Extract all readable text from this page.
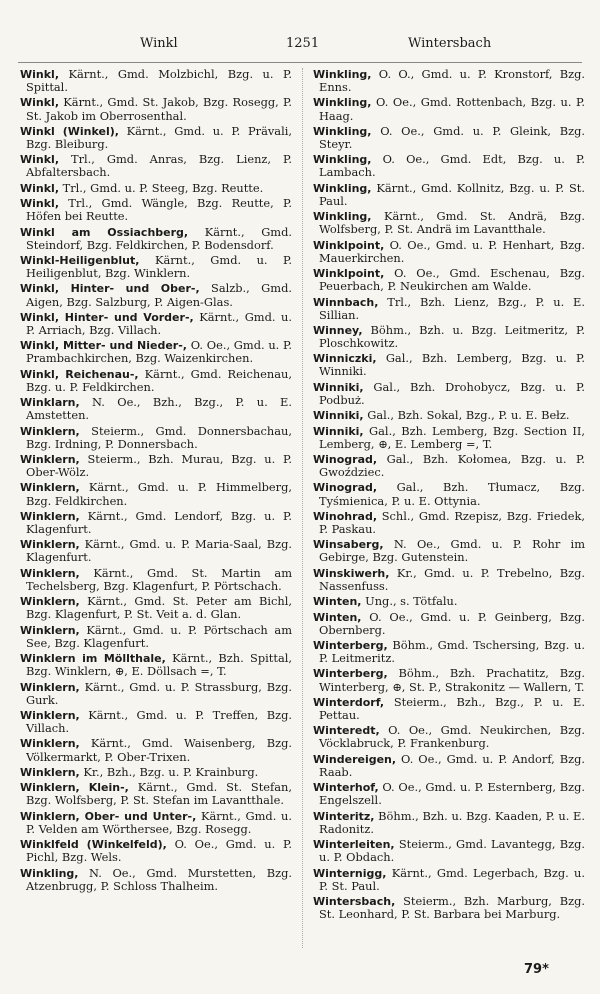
Winkl	1251	Wintersbach
Winkl, Kärnt., Gmd. Molzbichl, Bzg. u. P. Spittal.
Winkl, Kärnt., Gmd. St. Jakob, Bzg. Rosegg, P. St. Jakob im Oberrosenthal.
Winkl (Winkel), Kärnt., Gmd. u. P. Prävali, Bzg. Bleiburg.
Winkl, Trl., Gmd. Anras, Bzg. Lienz, P. Abfaltersbach.
Winkl, Trl., Gmd. u. P. Steeg, Bzg. Reutte.
Winkl, Trl., Gmd. Wängle, Bzg. Reutte, P. Höfen bei Reutte.
Winkl am Ossiachberg, Kärnt., Gmd. Steindorf, Bzg. Feldkirchen, P. Bodensdorf.
Winkl-Heiligenblut, Kärnt., Gmd. u. P. Heiligenblut, Bzg. Winklern.
Winkl, Hinter- und Ober-, Salzb., Gmd. Aigen, Bzg. Salzburg, P. Aigen-Glas.
Winkl, Hinter- und Vorder-, Kärnt., Gmd. u. P. Arriach, Bzg. Villach.
Winkl, Mitter- und Nieder-, O. Oe., Gmd. u. P. Prambachkirchen, Bzg. Waizenkirchen.
Winkl, Reichenau-, Kärnt., Gmd. Reichenau, Bzg. u. P. Feldkirchen.
Winklarn, N. Oe., Bzh., Bzg., P. u. E. Amstetten.
Winklern, Steierm., Gmd. Donnersbachau, Bzg. Irdning, P. Donnersbach.
Winklern, Steierm., Bzh. Murau, Bzg. u. P. Ober-Wölz.
Winklern, Kärnt., Gmd. u. P. Himmelberg, Bzg. Feldkirchen.
Winklern, Kärnt., Gmd. Lendorf, Bzg. u. P. Klagenfurt.
Winklern, Kärnt., Gmd. u. P. Maria-Saal, Bzg. Klagenfurt.
Winklern, Kärnt., Gmd. St. Martin am Techelsberg, Bzg. Klagenfurt, P. Pörtschach.
Winklern, Kärnt., Gmd. St. Peter am Bichl, Bzg. Klagenfurt, P. St. Veit a. d. Glan.
Winklern, Kärnt., Gmd. u. P. Pörtschach am See, Bzg. Klagenfurt.
Winklern im Möllthale, Kärnt., Bzh. Spittal, Bzg. Winklern, ⊕, E. Döllsach =, T.
Winklern, Kärnt., Gmd. u. P. Strassburg, Bzg. Gurk.
Winklern, Kärnt., Gmd. u. P. Treffen, Bzg. Villach.
Winklern, Kärnt., Gmd. Waisenberg, Bzg. Völkermarkt, P. Ober-Trixen.
Winklern, Kr., Bzh., Bzg. u. P. Krainburg.
Winklern, Klein-, Kärnt., Gmd. St. Stefan, Bzg. Wolfsberg, P. St. Stefan im Lavantthale.
Winklern, Ober- und Unter-, Kärnt., Gmd. u. P. Velden am Wörthersee, Bzg. Rosegg.
Winklfeld (Winkelfeld), O. Oe., Gmd. u. P. Pichl, Bzg. Wels.
Winkling, N. Oe., Gmd. Murstetten, Bzg. Atzenbrugg, P. Schloss Thalheim.
Winkling, O. O., Gmd. u. P. Kronstorf, Bzg. Enns.
Winkling, O. Oe., Gmd. Rottenbach, Bzg. u. P. Haag.
Winkling, O. Oe., Gmd. u. P. Gleink, Bzg. Steyr.
Winkling, O. Oe., Gmd. Edt, Bzg. u. P. Lambach.
Winkling, Kärnt., Gmd. Kollnitz, Bzg. u. P. St. Paul.
Winkling, Kärnt., Gmd. St. Andrä, Bzg. Wolfsberg, P. St. Andrä im Lavantthale.
Winklpoint, O. Oe., Gmd. u. P. Henhart, Bzg. Mauerkirchen.
Winklpoint, O. Oe., Gmd. Eschenau, Bzg. Peuerbach, P. Neukirchen am Walde.
Winnbach, Trl., Bzh. Lienz, Bzg., P. u. E. Sillian.
Winney, Böhm., Bzh. u. Bzg. Leitmeritz, P. Ploschkowitz.
Winniczki, Gal., Bzh. Lemberg, Bzg. u. P. Winniki.
Winniki, Gal., Bzh. Drohobycz, Bzg. u. P. Podbuż.
Winniki, Gal., Bzh. Sokal, Bzg., P. u. E. Bełz.
Winniki, Gal., Bzh. Lemberg, Bzg. Section II, Lemberg, ⊕, E. Lemberg =, T.
Winograd, Gal., Bzh. Kołomea, Bzg. u. P. Gwoździec.
Winograd, Gal., Bzh. Tłumacz, Bzg. Tyśmienica, P. u. E. Ottynia.
Winohrad, Schl., Gmd. Rzepisz, Bzg. Friedek, P. Paskau.
Winsaberg, N. Oe., Gmd. u. P. Rohr im Gebirge, Bzg. Gutenstein.
Winskiwerh, Kr., Gmd. u. P. Trebelno, Bzg. Nassenfuss.
Winten, Ung., s. Tötfalu.
Winten, O. Oe., Gmd. u. P. Geinberg, Bzg. Obernberg.
Winterberg, Böhm., Gmd. Tschersing, Bzg. u. P. Leitmeritz.
Winterberg, Böhm., Bzh. Prachatitz, Bzg. Winterberg, ⊕, St. P., Strakonitz — Wallern, T.
Winterdorf, Steierm., Bzh., Bzg., P. u. E. Pettau.
Winteredt, O. Oe., Gmd. Neukirchen, Bzg. Vöcklabruck, P. Frankenburg.
Windereigen, O. Oe., Gmd. u. P. Andorf, Bzg. Raab.
Winterhof, O. Oe., Gmd. u. P. Esternberg, Bzg. Engelszell.
Winteritz, Böhm., Bzh. u. Bzg. Kaaden, P. u. E. Radonitz.
Winterleiten, Steierm., Gmd. Lavantegg, Bzg. u. P. Obdach.
Winternigg, Kärnt., Gmd. Legerbach, Bzg. u. P. St. Paul.
Wintersbach, Steierm., Bzh. Marburg, Bzg. St. Leonhard, P. St. Barbara bei Marburg.
79*
